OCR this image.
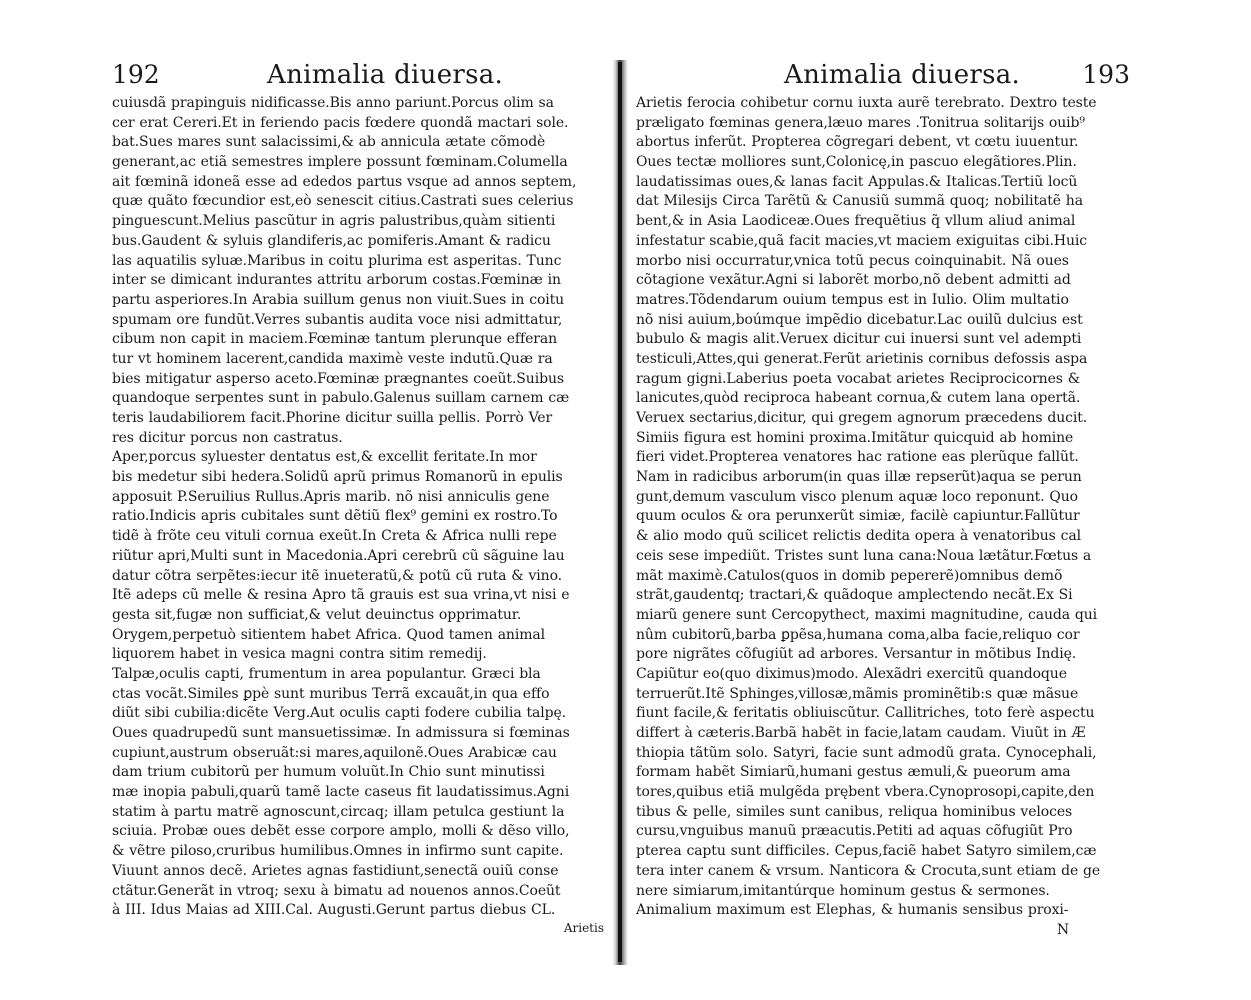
192	Animalia diuersa.
cuiusdã prapinguis nidificasse.Bis anno pariunt.Porcus olim sa
cer erat Cereri.Et in feriendo pacis fœdere quondã mactari sole.
bat.Sues mares sunt salacissimi,& ab annicula ætate cõmodè
generant,ac etiã semestres implere possunt fœminam.Columella
ait fœminã idoneã esse ad ededos partus vsque ad annos septem,
quæ quãto fœcundior est,eò senescit citius.Castrati sues celerius
pinguescunt.Melius pascũtur in agris palustribus,quàm sitienti
bus.Gaudent & syluis glandiferis,ac pomiferis.Amant & radicu
las aquatilis syluæ.Maribus in coitu plurima est asperitas. Tunc
inter se dimicant indurantes attritu arborum costas.Fœminæ in
partu asperiores.In Arabia suillum genus non viuit.Sues in coitu
spumam ore fundũt.Verres subantis audita voce nisi admittatur,
cibum non capit in maciem.Fœminæ tantum plerunque efferan
tur vt hominem lacerent,candida maximè veste indutũ.Quæ ra
bies mitigatur asperso aceto.Fœminæ prægnantes coeũt.Suibus
quandoque serpentes sunt in pabulo.Galenus suillam carnem cæ
teris laudabiliorem facit.Phorine dicitur suilla pellis. Porrò Ver
res dicitur porcus non castratus.
Aper,porcus syluester dentatus est,& excellit feritate.In mor
bis medetur sibi hedera.Solidũ aprũ primus Romanorũ in epulis
apposuit P.Seruilius Rullus.Apris marib. nõ nisi anniculis gene
ratio.Indicis apris cubitales sunt dẽtiũ flex⁹ gemini ex rostro.To
tidẽ à frõte ceu vituli cornua exeũt.In Creta & Africa nulli repe
riũtur apri,Multi sunt in Macedonia.Apri cerebrũ cũ sãguine lau
datur cõtra serpẽtes:iecur itẽ inueteratũ,& potũ cũ ruta & vino.
Itẽ adeps cũ melle & resina Apro tã grauis est sua vrina,vt nisi e
gesta sit,fugæ non sufficiat,& velut deuinctus opprimatur.
Orygem,perpetuò sitientem habet Africa. Quod tamen animal
liquorem habet in vesica magni contra sitim remedij.
Talpæ,oculis capti, frumentum in area populantur. Græci bla
ctas vocãt.Similes ꝑpè sunt muribus Terrã excauãt,in qua effo
diũt sibi cubilia:dicẽte Verg.Aut oculis capti fodere cubilia talpę.
Oues quadrupedũ sunt mansuetissimæ. In admissura si fœminas
cupiunt,austrum obseruãt:si mares,aquilonẽ.Oues Arabicæ cau
dam trium cubitorũ per humum voluũt.In Chio sunt minutissi
mæ inopia pabuli,quarũ tamẽ lacte caseus fit laudatissimus.Agni
statim à partu matrẽ agnoscunt,circaq; illam petulca gestiunt la
sciuia. Probæ oues debẽt esse corpore amplo, molli & dẽso villo,
& vẽtre piloso,cruribus humilibus.Omnes in infirmo sunt capite.
Viuunt annos decẽ. Arietes agnas fastidiunt,senectã ouiũ conse
ctãtur.Generãt in vtroq; sexu à bimatu ad nouenos annos.Coeũt
à III. Idus Maias ad XIII.Cal. Augusti.Gerunt partus diebus CL.
Arietis
Animalia diuersa. 193
Arietis ferocia cohibetur cornu iuxta aurẽ terebrato. Dextro teste
præligato fœminas genera,læuo mares .Tonitrua solitarijs ouib⁹
abortus inferũt. Propterea cõgregari debent, vt cœtu iuuentur.
Oues tectæ molliores sunt,Colonicę,in pascuo elegãtiores.Plin.
laudatissimas oues,& lanas facit Appulas.& Italicas.Tertiũ locũ
dat Milesijs Circa Tarẽtũ & Canusiũ summã quoq; nobilitatẽ ha
bent,& in Asia Laodiceæ.Oues frequẽtius q̃ vllum aliud animal
infestatur scabie,quã facit macies,vt maciem exiguitas cibi.Huic
morbo nisi occurratur,vnica totũ pecus coinquinabit. Nã oues
cõtagione vexãtur.Agni si laborẽt morbo,nõ debent admitti ad
matres.Tõdendarum ouium tempus est in Iulio. Olim multatio
nõ nisi auium,boúmque impẽdio dicebatur.Lac ouilũ dulcius est
bubulo & magis alit.Veruex dicitur cui inuersi sunt vel adempti
testiculi,Attes,qui generat.Ferũt arietinis cornibus defossis aspa
ragum gigni.Laberius poeta vocabat arietes Reciprocicornes &
lanicutes,quòd reciproca habeant cornua,& cutem lana opertã.
Veruex sectarius,dicitur, qui gregem agnorum præcedens ducit.
Simiis figura est homini proxima.Imitãtur quicquid ab homine
fieri videt.Propterea venatores hac ratione eas plerũque fallũt.
Nam in radicibus arborum(in quas illæ repserũt)aqua se perun
gunt,demum vasculum visco plenum aquæ loco reponunt. Quo
quum oculos & ora perunxerũt simiæ, facilè capiuntur.Fallũtur
& alio modo quũ scilicet relictis dedita opera à venatoribus cal
ceis sese impediũt. Tristes sunt luna cana:Noua lætãtur.Fœtus a
mãt maximè.Catulos(quos in domib pepererẽ)omnibus demõ
strãt,gaudentq; tractari,& quãdoque amplectendo necãt.Ex Si
miarũ genere sunt Cercopythect, maximi magnitudine, cauda qui
nûm cubitorũ,barba ꝑpẽsa,humana coma,alba facie,reliquo cor
pore nigrãtes cõfugiũt ad arbores. Versantur in mõtibus Indię.
Capiũtur eo(quo diximus)modo. Alexãdri exercitũ quandoque
terruerũt.Itẽ Sphinges,villosæ,mãmis prominẽtib:s quæ mãsue
fiunt facile,& feritatis obliuiscũtur. Callitriches, toto ferè aspectu
differt à cæteris.Barbã habẽt in facie,latam caudam. Viuũt in Æ
thiopia tãtũm solo. Satyri, facie sunt admodũ grata. Cynocephali,
formam habẽt Simiarũ,humani gestus æmuli,& pueorum ama
tores,quibus etiã mulgẽda prębent vbera.Cynoprosopi,capite,den
tibus & pelle, similes sunt canibus, reliqua hominibus veloces
cursu,vnguibus manuũ præacutis.Petiti ad aquas cõfugiũt Pro
pterea captu sunt difficiles. Cepus,faciẽ habet Satyro similem,cæ
tera inter canem & vrsum. Nanticora & Crocuta,sunt etiam de ge
nere simiarum,imitantúrque hominum gestus & sermones.
Animalium maximum est Elephas, & humanis sensibus proxi-
N
